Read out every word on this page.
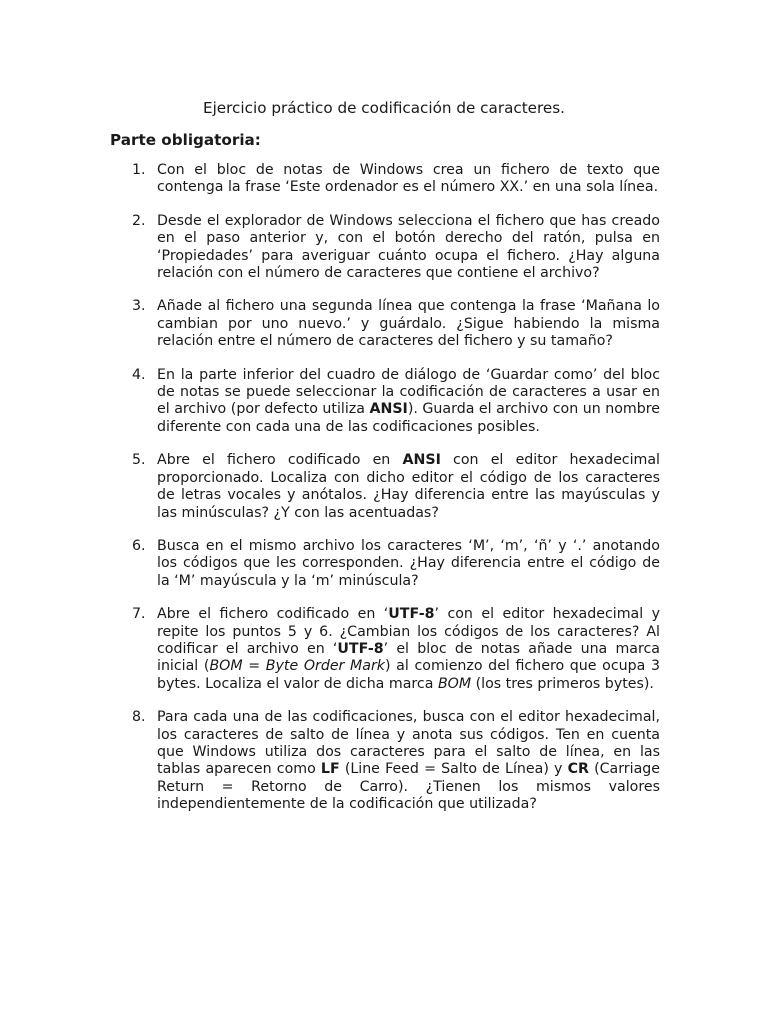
Ejercicio práctico de codificación de caracteres.
Parte obligatoria:
1. Con el bloc de notas de Windows crea un fichero de texto que contenga la frase ‘Este ordenador es el número XX.’ en una sola línea.
2. Desde el explorador de Windows selecciona el fichero que has creado en el paso anterior y, con el botón derecho del ratón, pulsa en ‘Propiedades’ para averiguar cuánto ocupa el fichero. ¿Hay alguna relación con el número de caracteres que contiene el archivo?
3. Añade al fichero una segunda línea que contenga la frase ‘Mañana lo cambian por uno nuevo.’ y guárdalo. ¿Sigue habiendo la misma relación entre el número de caracteres del fichero y su tamaño?
4. En la parte inferior del cuadro de diálogo de ‘Guardar como’ del bloc de notas se puede seleccionar la codificación de caracteres a usar en el archivo (por defecto utiliza ANSI). Guarda el archivo con un nombre diferente con cada una de las codificaciones posibles.
5. Abre el fichero codificado en ANSI con el editor hexadecimal proporcionado. Localiza con dicho editor el código de los caracteres de letras vocales y anótalos. ¿Hay diferencia entre las mayúsculas y las minúsculas? ¿Y con las acentuadas?
6. Busca en el mismo archivo los caracteres ‘M’, ‘m’, ‘ñ’ y ‘.’ anotando los códigos que les corresponden. ¿Hay diferencia entre el código de la ‘M’ mayúscula y la ‘m’ minúscula?
7. Abre el fichero codificado en ‘UTF-8’ con el editor hexadecimal y repite los puntos 5 y 6. ¿Cambian los códigos de los caracteres? Al codificar el archivo en ‘UTF-8’ el bloc de notas añade una marca inicial (BOM = Byte Order Mark) al comienzo del fichero que ocupa 3 bytes. Localiza el valor de dicha marca BOM (los tres primeros bytes).
8. Para cada una de las codificaciones, busca con el editor hexadecimal, los caracteres de salto de línea y anota sus códigos. Ten en cuenta que Windows utiliza dos caracteres para el salto de línea, en las tablas aparecen como LF (Line Feed = Salto de Línea) y CR (Carriage Return = Retorno de Carro). ¿Tienen los mismos valores independientemente de la codificación que utilizada?
